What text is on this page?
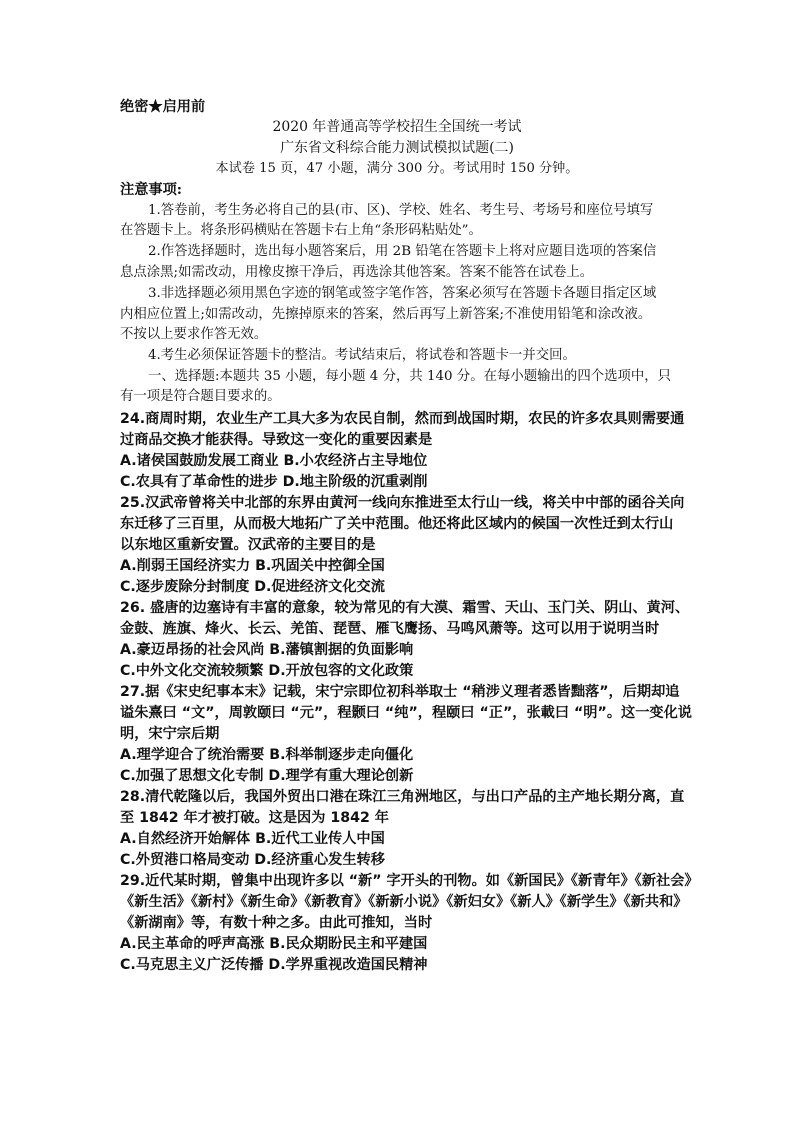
绝密★启用前
2020 年普通高等学校招生全国统一考试
广东省文科综合能力测试模拟试题(二)
本试卷 15 页，47 小题，满分 300 分。考试用时 150 分钟。
注意事项:
1.答卷前，考生务必将自己的县(市、区)、学校、姓名、考生号、考场号和座位号填写
在答题卡上。将条形码横贴在答题卡右上角“条形码粘贴处”。
2.作答选择题时，选出每小题答案后，用 2B 铅笔在答题卡上将对应题目选项的答案信
息点涂黑;如需改动，用橡皮擦干净后，再选涂其他答案。答案不能答在试卷上。
3.非选择题必须用黑色字迹的钢笔或签字笔作答，答案必须写在答题卡各题目指定区域
内相应位置上;如需改动，先擦掉原来的答案，然后再写上新答案;不准使用铅笔和涂改液。
不按以上要求作答无效。
4.考生必须保证答题卡的整洁。考试结束后，将试卷和答题卡一并交回。
一、选择题:本题共 35 小题，每小题 4 分，共 140 分。在每小题输出的四个选项中，只
有一项是符合题目要求的。
24.商周时期，农业生产工具大多为农民自制，然而到战国时期，农民的许多农具则需要通
过商品交换才能获得。导致这一变化的重要因素是
A.诸侯国鼓励发展工商业 B.小农经济占主导地位
C.农具有了革命性的进步 D.地主阶级的沉重剥削
25.汉武帝曾将关中北部的东界由黄河一线向东推进至太行山一线，将关中中部的函谷关向
东迁移了三百里，从而极大地拓广了关中范围。他还将此区域内的候国一次性迁到太行山
以东地区重新安置。汉武帝的主要目的是
A.削弱王国经济实力 B.巩固关中控御全国
C.逐步废除分封制度 D.促进经济文化交流
26. 盛唐的边塞诗有丰富的意象，较为常见的有大漠、霜雪、天山、玉门关、阴山、黄河、
金鼓、旌旗、烽火、长云、羌笛、琵琶、雁飞鹰扬、马鸣风萧等。这可以用于说明当时
A.豪迈昂扬的社会风尚 B.藩镇割据的负面影响
C.中外文化交流较频繁 D.开放包容的文化政策
27.据《宋史纪事本末》记载，宋宁宗即位初科举取士 “稍涉义理者悉皆黜落”，后期却追
谥朱熹曰 “文”，周敦颐曰 “元”，程颢曰 “纯”，程颐曰 “正”，张載曰 “明”。这一变化说
明，宋宁宗后期
A.理学迎合了统治需要 B.科举制逐步走向僵化
C.加强了思想文化专制 D.理学有重大理论创新
28.清代乾隆以后，我国外贸出口港在珠江三角洲地区，与出口产品的主产地长期分离，直
至 1842 年才被打破。这是因为 1842 年
A.自然经济开始解体 B.近代工业传人中国
C.外贸港口格局变动 D.经济重心发生转移
29.近代某时期，曾集中出现许多以 “新” 字开头的刊物。如《新国民》《新青年》《新社会》
《新生活》《新村》《新生命》《新教育》《新新小说》《新妇女》《新人》《新学生》《新共和》
《新湖南》等，有数十种之多。由此可推知，当时
A.民主革命的呼声高涨 B.民众期盼民主和平建国
C.马克思主义广泛传播 D.学界重视改造国民精神
